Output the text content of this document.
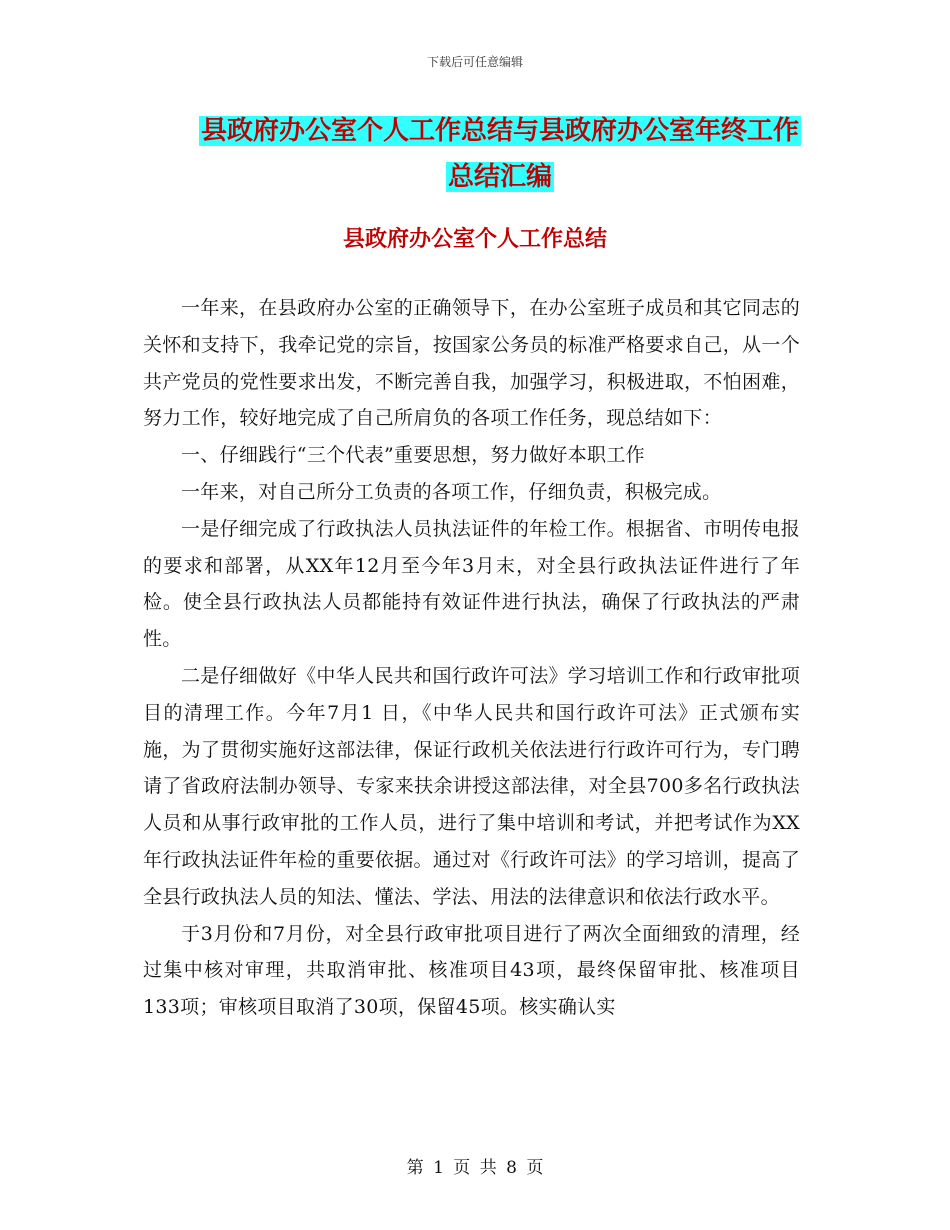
下载后可任意编辑
县政府办公室个人工作总结与县政府办公室年终工作
总结汇编
县政府办公室个人工作总结

一年来，在县政府办公室的正确领导下，在办公室班子成员和其它同志的关怀和支持下，我牵记党的宗旨，按国家公务员的标准严格要求自己，从一个共产党员的党性要求出发，不断完善自我，加强学习，积极进取，不怕困难，努力工作，较好地完成了自己所肩负的各项工作任务，现总结如下：

一、仔细践行“三个代表”重要思想，努力做好本职工作

一年来，对自己所分工负责的各项工作，仔细负责，积极完成。

一是仔细完成了行政执法人员执法证件的年检工作。根据省、市明传电报的要求和部署，从XX年12月至今年3月末，对全县行政执法证件进行了年检。使全县行政执法人员都能持有效证件进行执法，确保了行政执法的严肃性。

二是仔细做好《中华人民共和国行政许可法》学习培训工作和行政审批项目的清理工作。今年7月1 日，《中华人民共和国行政许可法》正式颁布实施，为了贯彻实施好这部法律，保证行政机关依法进行行政许可行为，专门聘请了省政府法制办领导、专家来扶余讲授这部法律，对全县700多名行政执法人员和从事行政审批的工作人员，进行了集中培训和考试，并把考试作为XX年行政执法证件年检的重要依据。通过对《行政许可法》的学习培训，提高了全县行政执法人员的知法、懂法、学法、用法的法律意识和依法行政水平。

于3月份和7月份，对全县行政审批项目进行了两次全面细致的清理，经过集中核对审理，共取消审批、核准项目43项，最终保留审批、核准项目133项；审核项目取消了30项，保留45项。核实确认实

第 1 页 共 8 页
